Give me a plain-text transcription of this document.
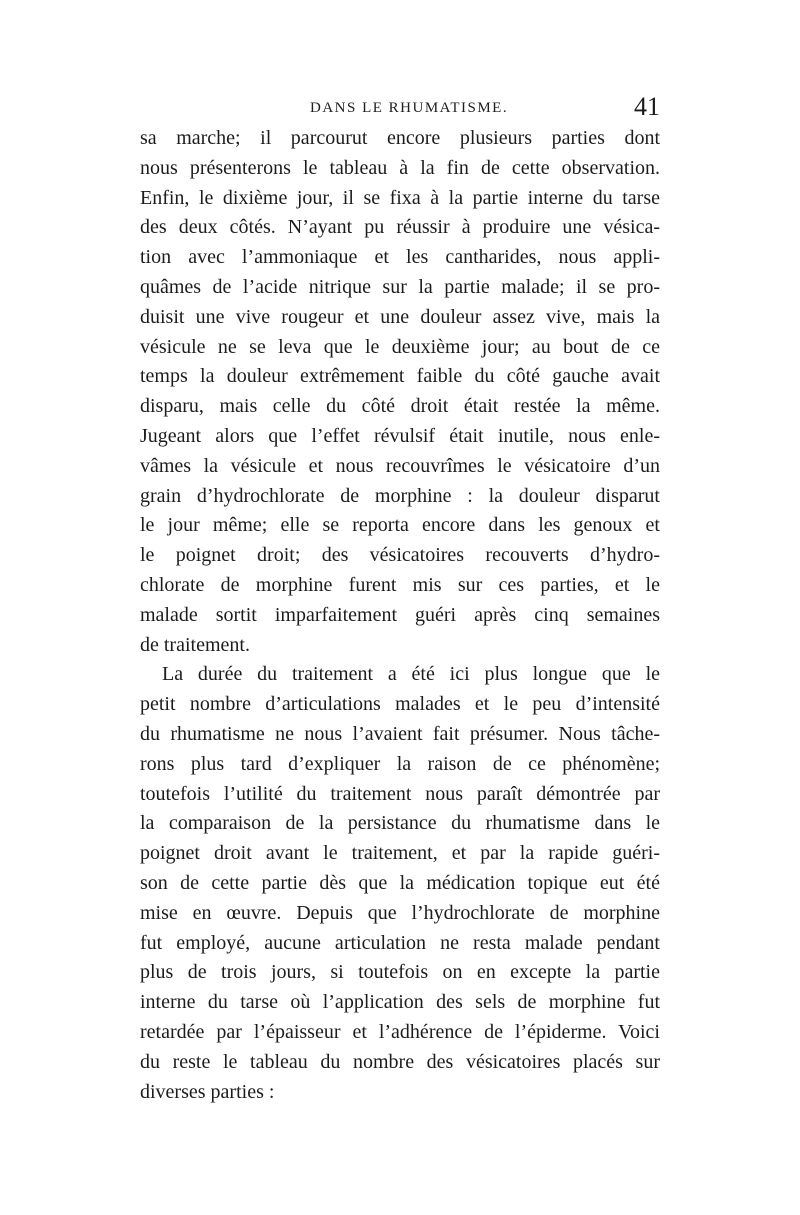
DANS LE RHUMATISME.	41
sa marche; il parcourut encore plusieurs parties dont
nous présenterons le tableau à la fin de cette observation.
Enfin, le dixième jour, il se fixa à la partie interne du tarse
des deux côtés. N’ayant pu réussir à produire une vésica-
tion avec l’ammoniaque et les cantharides, nous appli-
quâmes de l’acide nitrique sur la partie malade; il se pro-
duisit une vive rougeur et une douleur assez vive, mais la
vésicule ne se leva que le deuxième jour; au bout de ce
temps la douleur extrêmement faible du côté gauche avait
disparu, mais celle du côté droit était restée la même.
Jugeant alors que l’effet révulsif était inutile, nous enle-
vâmes la vésicule et nous recouvrîmes le vésicatoire d’un
grain d’hydrochlorate de morphine : la douleur disparut
le jour même; elle se reporta encore dans les genoux et
le poignet droit; des vésicatoires recouverts d’hydro-
chlorate de morphine furent mis sur ces parties, et le
malade sortit imparfaitement guéri après cinq semaines
de traitement.
La durée du traitement a été ici plus longue que le
petit nombre d’articulations malades et le peu d’intensité
du rhumatisme ne nous l’avaient fait présumer. Nous tâche-
rons plus tard d’expliquer la raison de ce phénomène;
toutefois l’utilité du traitement nous paraît démontrée par
la comparaison de la persistance du rhumatisme dans le
poignet droit avant le traitement, et par la rapide guéri-
son de cette partie dès que la médication topique eut été
mise en œuvre. Depuis que l’hydrochlorate de morphine
fut employé, aucune articulation ne resta malade pendant
plus de trois jours, si toutefois on en excepte la partie
interne du tarse où l’application des sels de morphine fut
retardée par l’épaisseur et l’adhérence de l’épiderme. Voici
du reste le tableau du nombre des vésicatoires placés sur
diverses parties :
